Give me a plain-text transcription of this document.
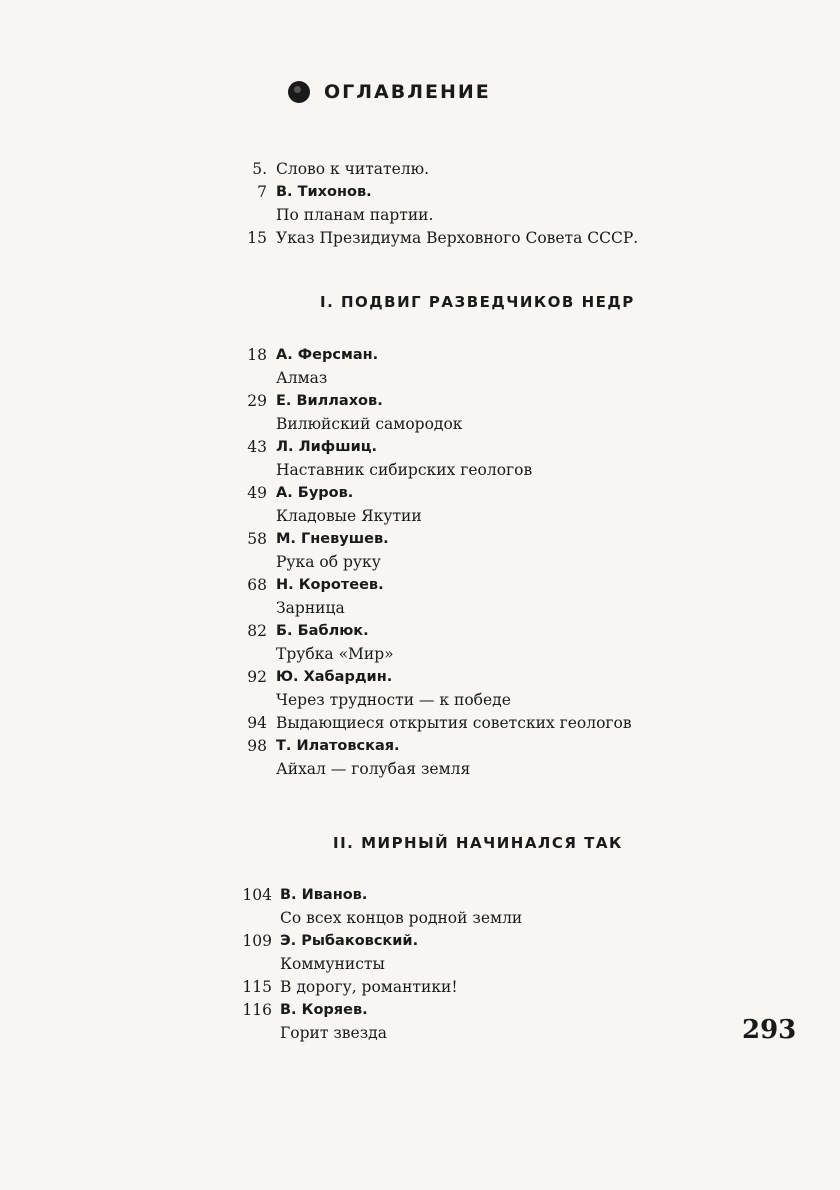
ОГЛАВЛЕНИЕ
5. Слово к читателю.
7 В. Тихонов.
По планам партии.
15 Указ Президиума Верховного Совета СССР.
I. ПОДВИГ РАЗВЕДЧИКОВ НЕДР
18 А. Ферсман.
Алмаз
29 Е. Виллахов.
Вилюйский самородок
43 Л. Лифшиц.
Наставник сибирских геологов
49 А. Буров.
Кладовые Якутии
58 М. Гневушев.
Рука об руку
68 Н. Коротеев.
Зарница
82 Б. Баблюк.
Трубка «Мир»
92 Ю. Хабардин.
Через трудности — к победе
94 Выдающиеся открытия советских геологов
98 Т. Илатовская.
Айхал — голубая земля
II. МИРНЫЙ НАЧИНАЛСЯ ТАК
104 В. Иванов.
Со всех концов родной земли
109 Э. Рыбаковский.
Коммунисты
115 В дорогу, романтики!
116 В. Коряев.
Горит звезда	293
